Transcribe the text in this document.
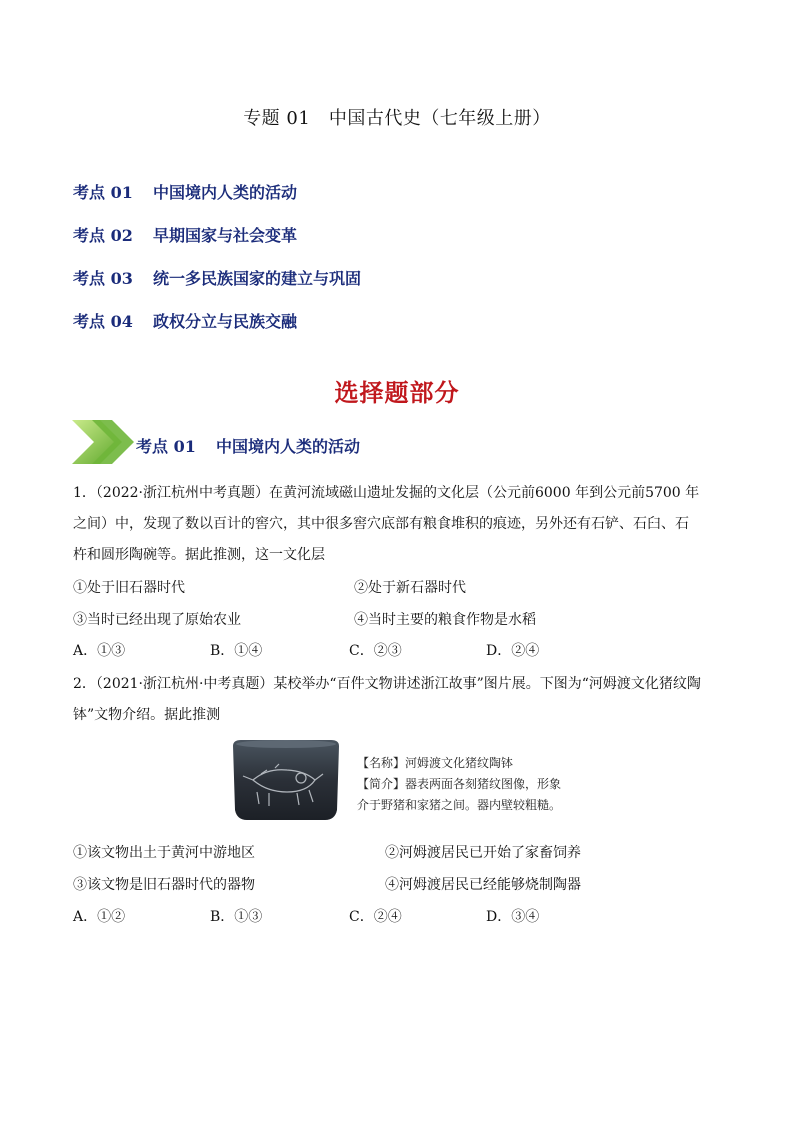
专题 01　中国古代史（七年级上册）
考点 01 中国境内人类的活动
考点 02 早期国家与社会变革
考点 03 统一多民族国家的建立与巩固
考点 04 政权分立与民族交融
选择题部分
考点 01 中国境内人类的活动
1．（2022·浙江杭州中考真题）在黄河流域磁山遗址发掘的文化层（公元前6000 年到公元前5700 年
之间）中，发现了数以百计的窖穴，其中很多窖穴底部有粮食堆积的痕迹，另外还有石铲、石臼、石
杵和圆形陶碗等。据此推测，这一文化层
①处于旧石器时代	②处于新石器时代
③当时已经出现了原始农业	④当时主要的粮食作物是水稻
A．①③	B．①④	C．②③	D．②④
2．（2021·浙江杭州·中考真题）某校举办“百件文物讲述浙江故事”图片展。下图为“河姆渡文化猪纹陶
钵”文物介绍。据此推测
【名称】河姆渡文化猪纹陶钵
【简介】器表两面各刻猪纹图像，形象
介于野猪和家猪之间。器内壁较粗糙。
①该文物出土于黄河中游地区	②河姆渡居民已开始了家畜饲养
③该文物是旧石器时代的器物	④河姆渡居民已经能够烧制陶器
A．①②	B．①③	C．②④	D．③④
